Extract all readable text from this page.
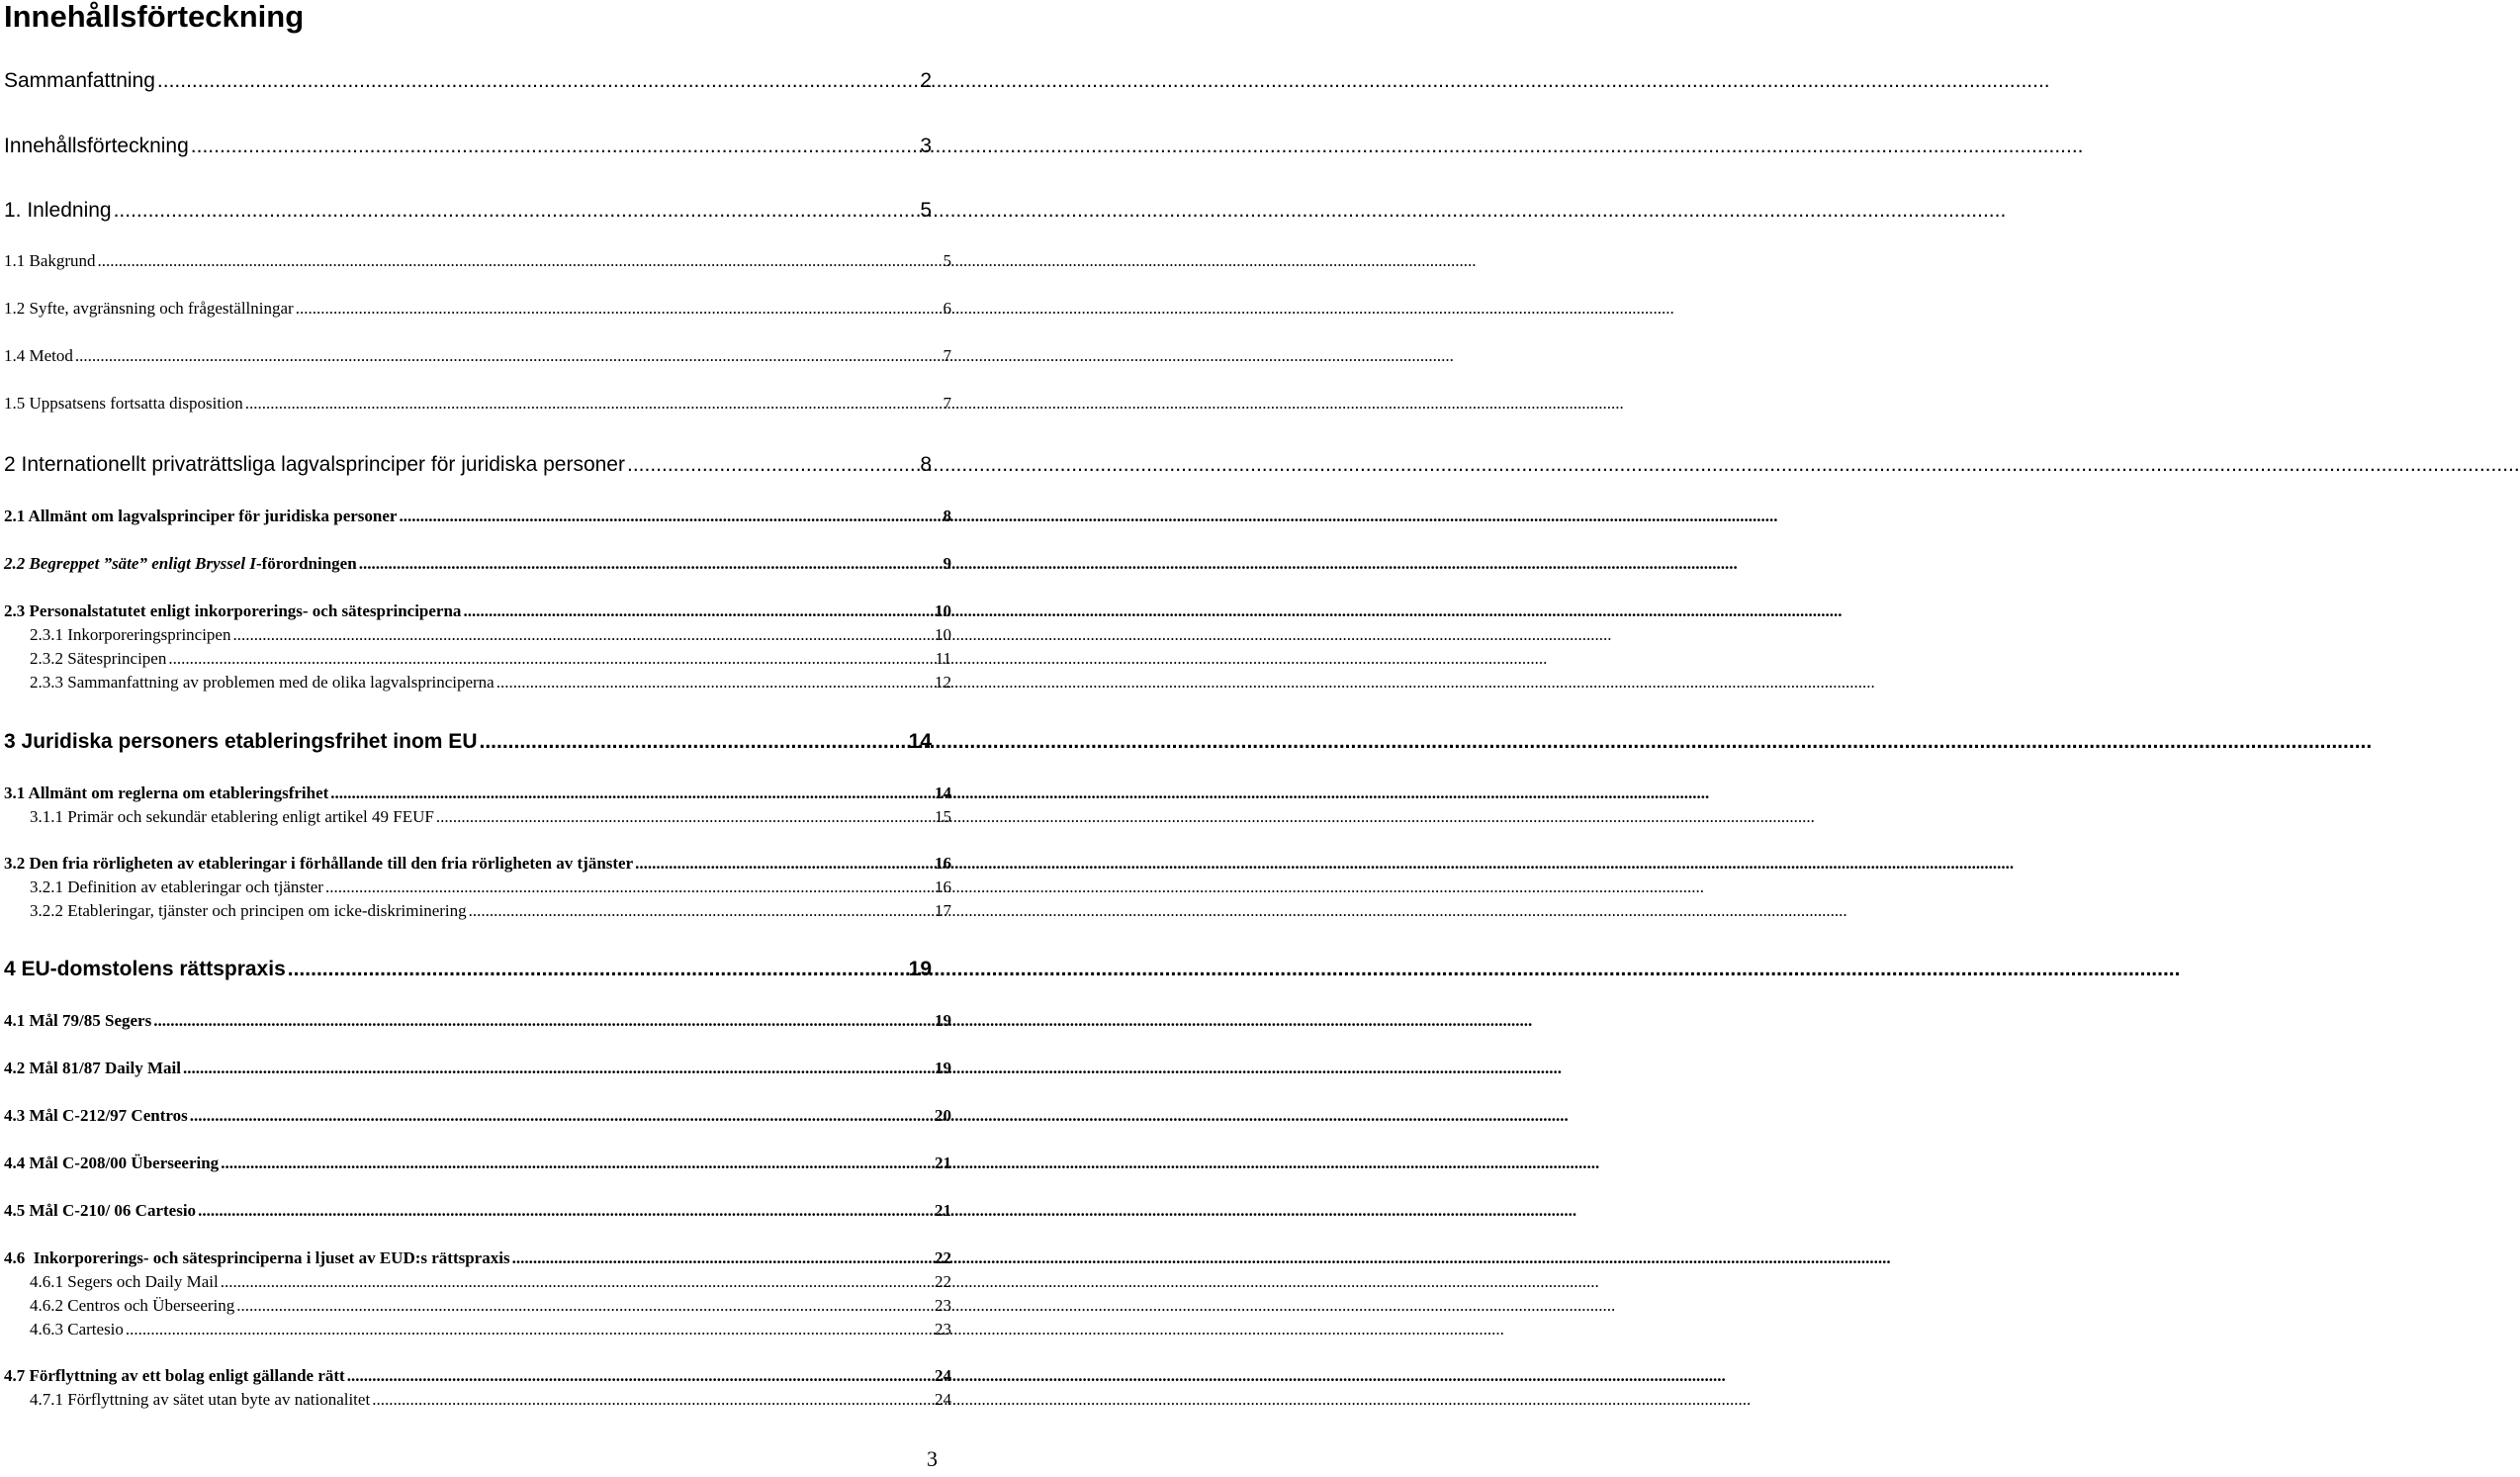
Innehållsförteckning
Sammanfattning .....	2
Innehållsförteckning .....	3
1. Inledning .....	5
1.1 Bakgrund .....	5
1.2 Syfte, avgränsning och frågeställningar .....	6
1.4 Metod .....	7
1.5 Uppsatsens fortsatta disposition .....	7
2 Internationellt privaträttsliga lagvalsprinciper för juridiska personer .....	8
2.1 Allmänt om lagvalsprinciper för juridiska personer .....	8
2.2 Begreppet ”säte” enligt Bryssel I-förordningen .....	9
2.3 Personalstatutet enligt inkorporerings- och sätesprinciperna .....	10
2.3.1 Inkorporeringsprincipen .....	10
2.3.2 Sätesprincipen .....	11
2.3.3 Sammanfattning av problemen med de olika lagvalsprinciperna .....	12
3 Juridiska personers etableringsfrihet inom EU .....	14
3.1 Allmänt om reglerna om etableringsfrihet .....	14
3.1.1 Primär och sekundär etablering enligt artikel 49 FEUF .....	15
3.2 Den fria rörligheten av etableringar i förhållande till den fria rörligheten av tjänster .....	16
3.2.1 Definition av etableringar och tjänster .....	16
3.2.2 Etableringar, tjänster och principen om icke-diskriminering .....	17
4 EU-domstolens rättspraxis .....	19
4.1 Mål 79/85 Segers .....	19
4.2 Mål 81/87 Daily Mail .....	19
4.3 Mål C-212/97 Centros .....	20
4.4 Mål C-208/00 Überseering .....	21
4.5 Mål C-210/ 06 Cartesio .....	21
4.6  Inkorporerings- och sätesprinciperna i ljuset av EUD:s rättspraxis .....	22
4.6.1 Segers och Daily Mail .....	22
4.6.2 Centros och Überseering .....	23
4.6.3 Cartesio .....	23
4.7 Förflyttning av ett bolag enligt gällande rätt .....	24
4.7.1 Förflyttning av sätet utan byte av nationalitet .....	24
3
